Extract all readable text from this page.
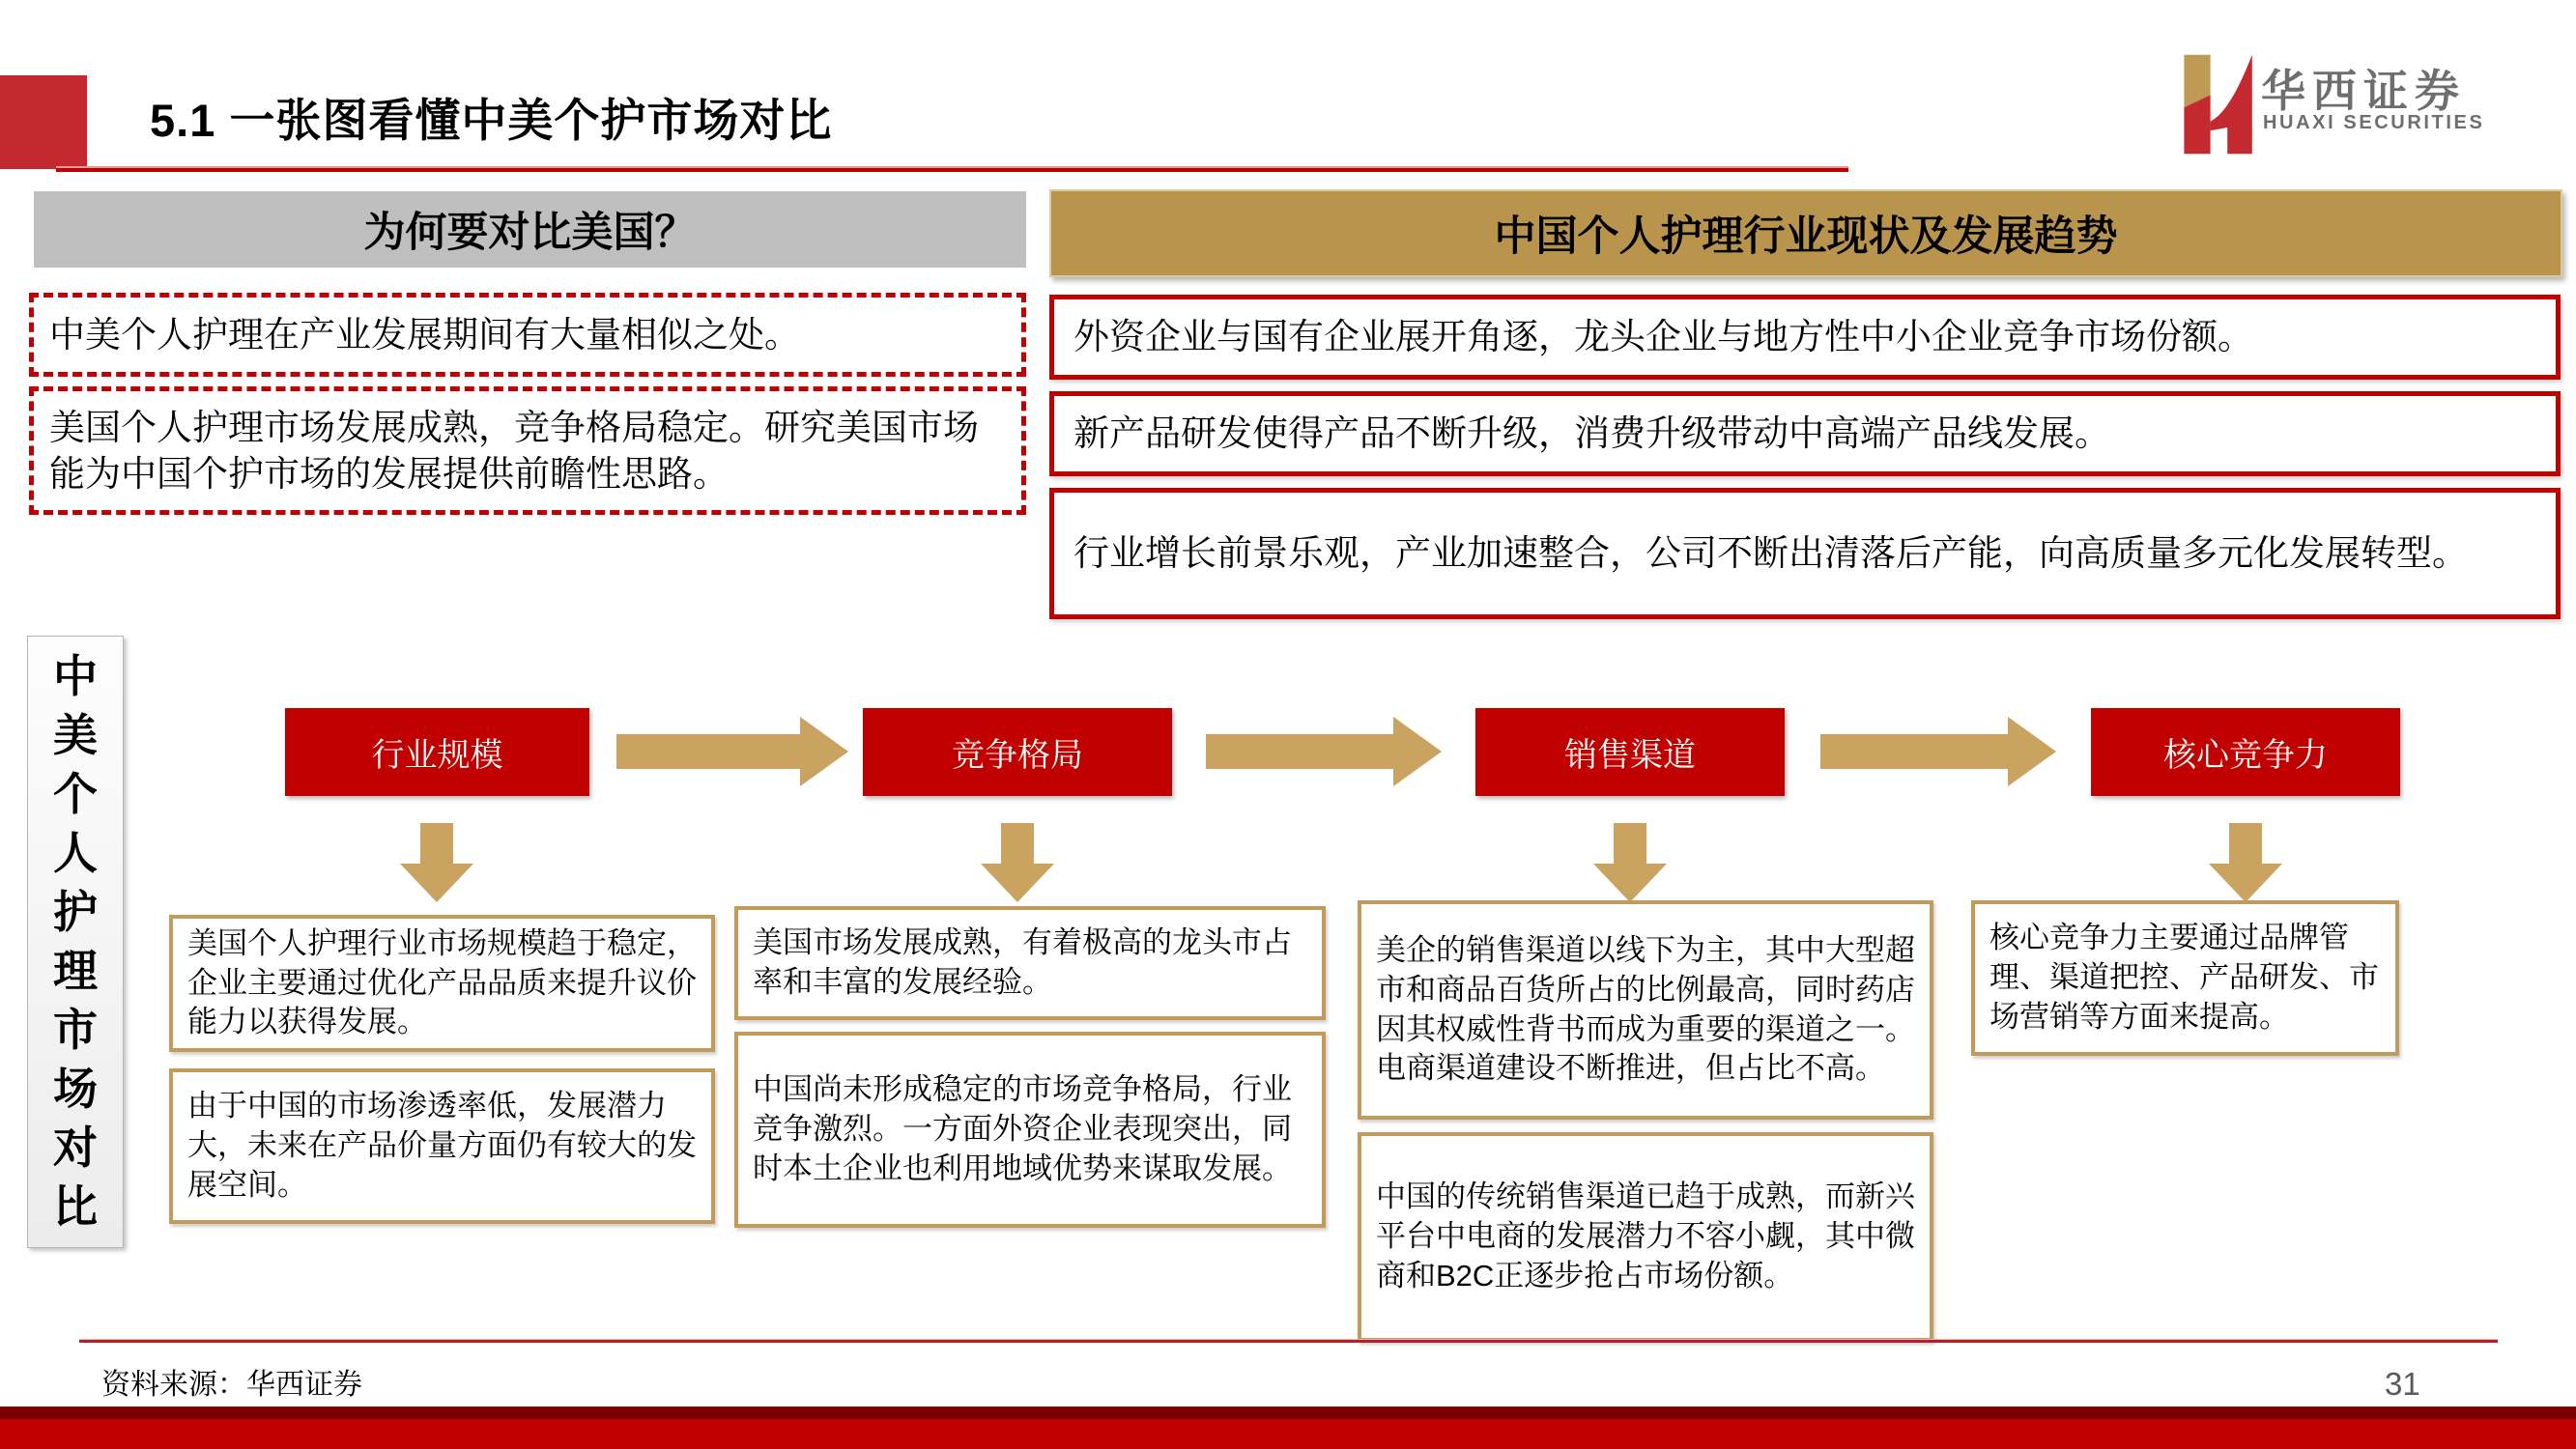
5.1 一张图看懂中美个护市场对比
华西证券
HUAXI SECURITIES
为何要对比美国？	中国个人护理行业现状及发展趋势
中美个人护理在产业发展期间有大量相似之处。
美国个人护理市场发展成熟，竞争格局稳定。研究美国市场能为中国个护市场的发展提供前瞻性思路。
外资企业与国有企业展开角逐，龙头企业与地方性中小企业竞争市场份额。
新产品研发使得产品不断升级，消费升级带动中高端产品线发展。
行业增长前景乐观，产业加速整合，公司不断出清落后产能，向高质量多元化发展转型。
中美个人护理市场对比
行业规模	竞争格局	销售渠道	核心竞争力
美国个人护理行业市场规模趋于稳定，企业主要通过优化产品品质来提升议价能力以获得发展。
由于中国的市场渗透率低，发展潜力大，未来在产品价量方面仍有较大的发展空间。
美国市场发展成熟，有着极高的龙头市占率和丰富的发展经验。
中国尚未形成稳定的市场竞争格局，行业竞争激烈。一方面外资企业表现突出，同时本土企业也利用地域优势来谋取发展。
美企的销售渠道以线下为主，其中大型超市和商品百货所占的比例最高，同时药店因其权威性背书而成为重要的渠道之一。电商渠道建设不断推进，但占比不高。
中国的传统销售渠道已趋于成熟，而新兴平台中电商的发展潜力不容小觑，其中微商和B2C正逐步抢占市场份额。
核心竞争力主要通过品牌管理、渠道把控、产品研发、市场营销等方面来提高。
资料来源：华西证券	31
